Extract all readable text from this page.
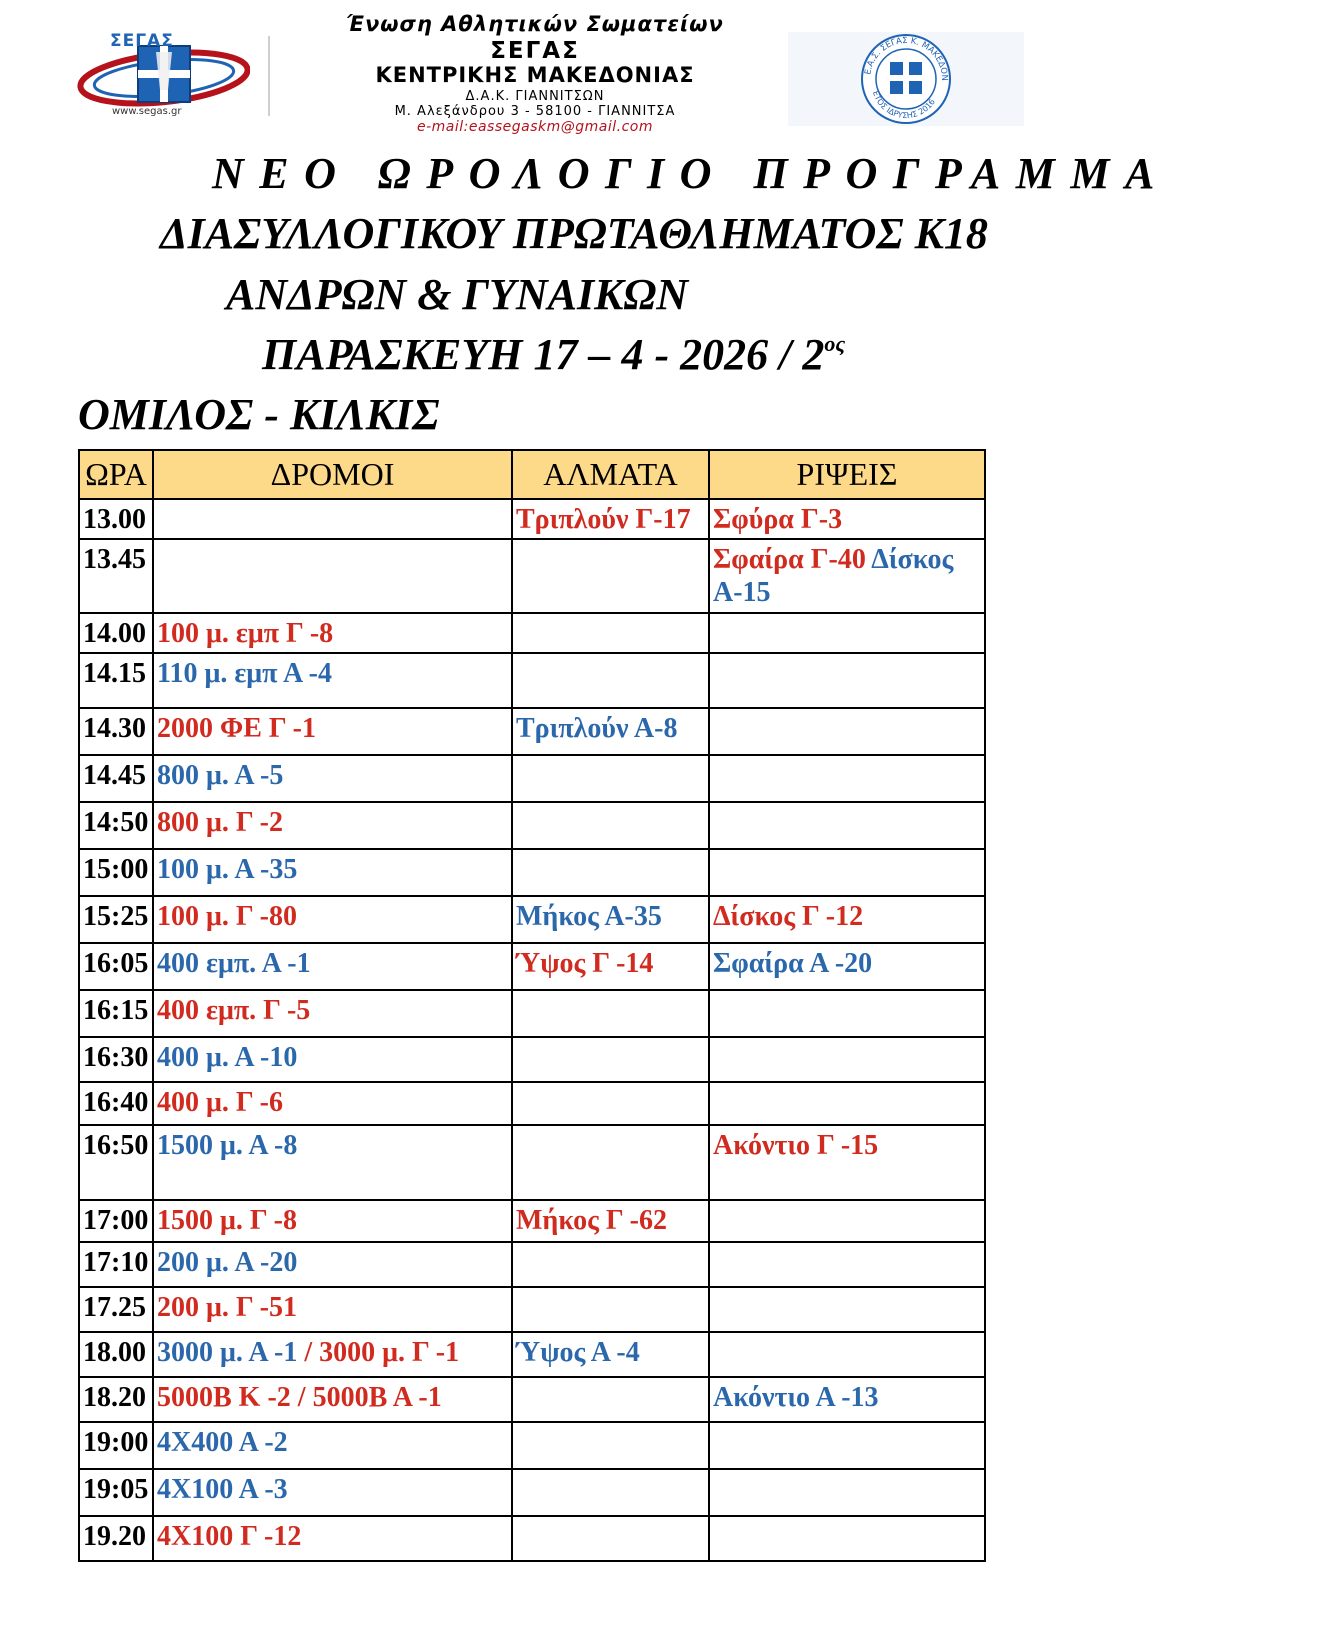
ΣΕΓΑΣ
www.segas.gr
Ένωση Αθλητικών Σωματείων
ΣΕΓΑΣ
ΚΕΝΤΡΙΚΗΣ ΜΑΚΕΔΟΝΙΑΣ
Δ.Α.Κ. ΓΙΑΝΝΙΤΣΩΝ
Μ. Αλεξάνδρου 3 - 58100 - ΓΙΑΝΝΙΤΣΑ
e-mail:eassegaskm@gmail.com
Ε.Α.Σ. ΣΕΓΑΣ Κ. ΜΑΚΕΔΟΝ
ΕΤΟΣ ΙΔΡΥΣΗΣ 2016
ΝΕΟ ΩΡΟΛΟΓΙΟ ΠΡΟΓΡΑΜΜΑ
ΔΙΑΣΥΛΛΟΓΙΚΟΥ ΠΡΩΤΑΘΛΗΜΑΤΟΣ Κ18
ΑΝΔΡΩΝ & ΓΥΝΑΙΚΩΝ
ΠΑΡΑΣΚΕΥΗ $17 - 4 - 2026 / 2^{o\varsigma}$
ΟΜΙΛΟΣ - ΚΙΛΚΙΣ
ΩΡΑ	ΔΡΟΜΟΙ	ΑΛΜΑΤΑ	ΡΙΨΕΙΣ
13.00		Τριπλούν Γ-17	Σφύρα Γ-3

13.45			Σφαίρα Γ-40 Δίσκος Α-15

14.00	100 μ. εμπ Γ -8		

14.15	110 μ. εμπ Α -4		

14.30	2000 ΦΕ Γ -1	Τριπλούν Α-8	

14.45	800 μ. Α -5		

14:50	800 μ. Γ -2		

15:00	100 μ. Α -35		

15:25	100 μ. Γ -80	Μήκος Α-35	Δίσκος Γ -12

16:05	400 εμπ. Α -1	Ύψος Γ -14	Σφαίρα Α -20

16:15	400 εμπ. Γ -5		

16:30	400 μ. Α -10		

16:40	400 μ. Γ -6		

16:50	1500 μ. Α -8		Ακόντιο Γ -15

17:00	1500 μ. Γ -8	Μήκος Γ -62	

17:10	200 μ. Α -20		

17.25	200 μ. Γ -51		

18.00	3000 μ. Α -1 / 3000 μ. Γ -1	Ύψος Α -4	

18.20	5000Β Κ -2 / 5000Β Α -1		Ακόντιο Α -13

19:00	4Χ400 Α -2		

19:05	4Χ100 Α -3		

19.20	4Χ100 Γ -12		
